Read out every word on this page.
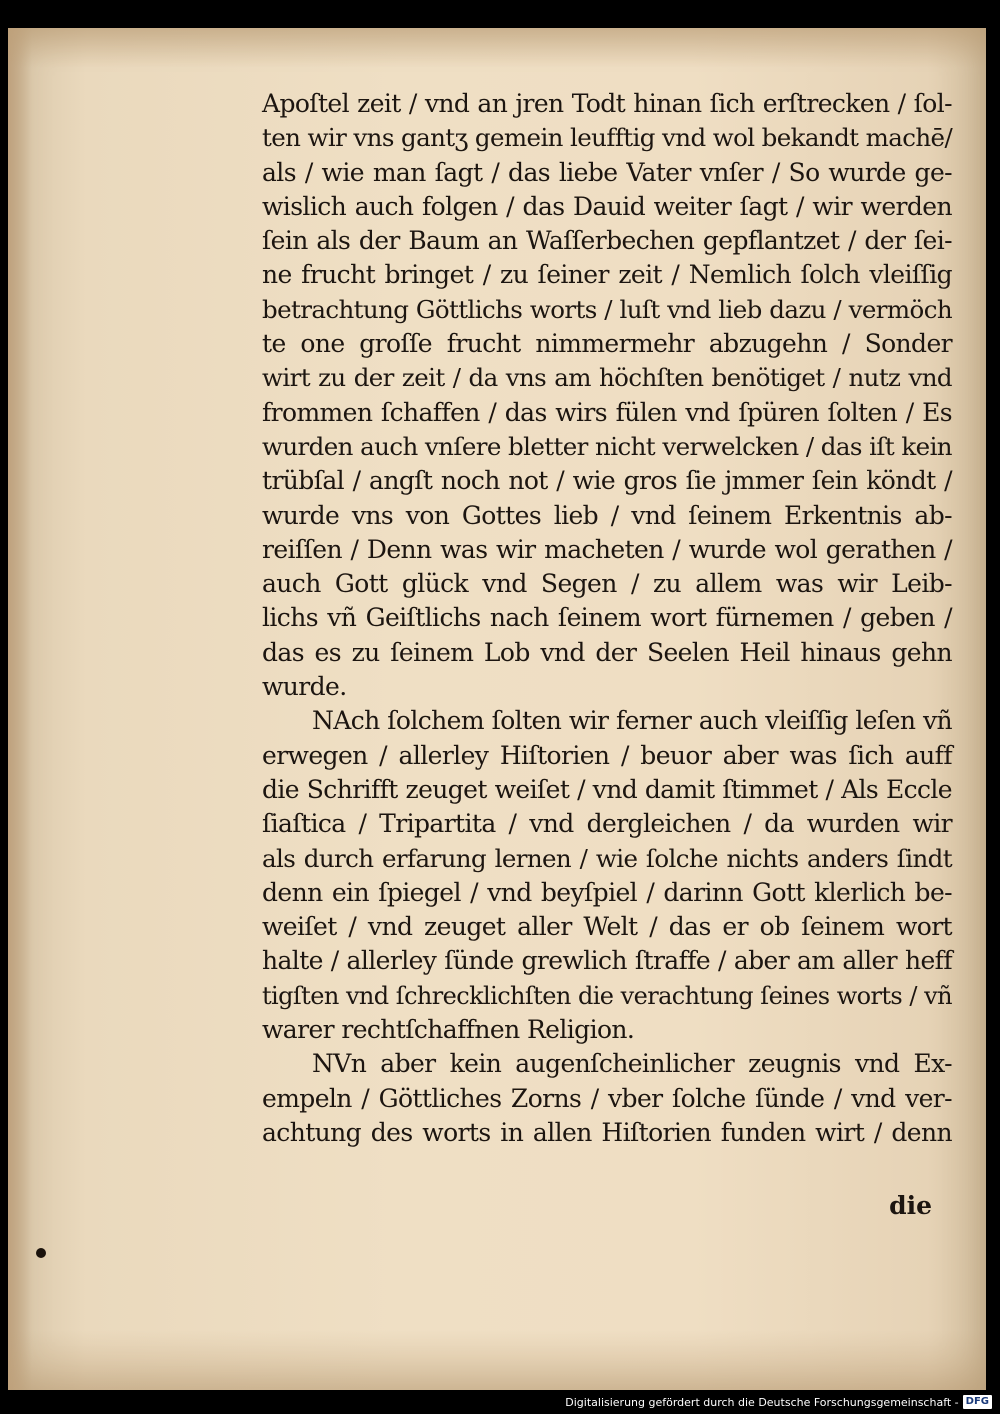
Apoſtel zeit / vnd an jren Todt hinan ſich erſtrecken / ſol-
ten wir vns gantʒ gemein leufftig vnd wol bekandt machē/
als / wie man ſagt / das liebe Vater vnſer / So wurde ge-
wislich auch folgen / das Dauid weiter ſagt / wir werden
ſein als der Baum an Waſſerbechen gepflantzet / der ſei-
ne frucht bringet / zu ſeiner zeit / Nemlich ſolch vleiſſig
betrachtung Göttlichs worts / luſt vnd lieb dazu / vermöch
te one groſſe frucht nimmermehr abzugehn / Sonder
wirt zu der zeit / da vns am höchſten benötiget / nutz vnd
frommen ſchaffen / das wirs fülen vnd ſpüren ſolten / Es
wurden auch vnſere bletter nicht verwelcken / das iſt kein
trübſal / angſt noch not / wie gros ſie jmmer ſein köndt /
wurde vns von Gottes lieb / vnd ſeinem Erkentnis ab-
reiſſen / Denn was wir macheten / wurde wol gerathen /
auch Gott glück vnd Segen / zu allem was wir Leib-
lichs vñ Geiſtlichs nach ſeinem wort fürnemen / geben /
das es zu ſeinem Lob vnd der Seelen Heil hinaus gehn
wurde.
NAch ſolchem ſolten wir ferner auch vleiſſig leſen vñ
erwegen / allerley Hiſtorien / beuor aber was ſich auff
die Schrifft zeuget weiſet / vnd damit ſtimmet / Als Eccle
ſiaſtica / Tripartita / vnd dergleichen / da wurden wir
als durch erfarung lernen / wie ſolche nichts anders ſindt
denn ein ſpiegel / vnd beyſpiel / darinn Gott klerlich be-
weiſet / vnd zeuget aller Welt / das er ob ſeinem wort
halte / allerley ſünde grewlich ſtraffe / aber am aller heff
tigſten vnd ſchrecklichſten die verachtung ſeines worts / vñ
warer rechtſchaffnen Religion.
NVn aber kein augenſcheinlicher zeugnis vnd Ex-
empeln / Göttliches Zorns / vber ſolche ſünde / vnd ver-
achtung des worts in allen Hiſtorien funden wirt / denn
die
Digitalisierung gefördert durch die Deutsche Forschungsgemeinschaft - DFG
